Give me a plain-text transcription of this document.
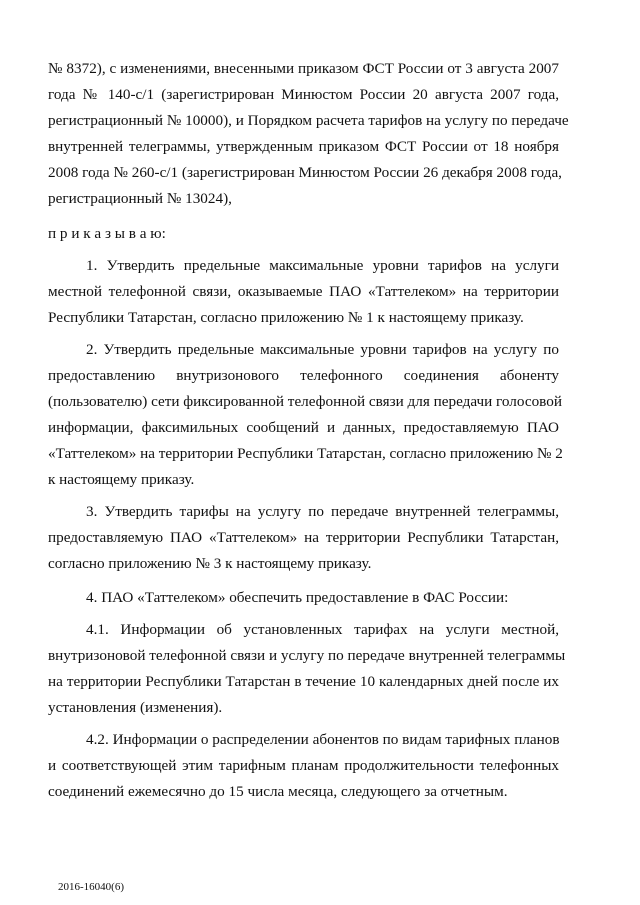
№ 8372), с изменениями, внесенными приказом ФСТ России от 3 августа 2007
года № 140-с/1 (зарегистрирован Минюстом России 20 августа 2007 года,
регистрационный № 10000), и Порядком расчета тарифов на услугу по передаче
внутренней телеграммы, утвержденным приказом ФСТ России от 18 ноября
2008 года № 260-с/1 (зарегистрирован Минюстом России 26 декабря 2008 года,
регистрационный № 13024),
п р и к а з ы в а ю:
1. Утвердить предельные максимальные уровни тарифов на услуги
местной телефонной связи, оказываемые ПАО «Таттелеком» на территории
Республики Татарстан, согласно приложению № 1 к настоящему приказу.
2. Утвердить предельные максимальные уровни тарифов на услугу по
предоставлению внутризонового телефонного соединения абоненту
(пользователю) сети фиксированной телефонной связи для передачи голосовой
информации, факсимильных сообщений и данных, предоставляемую ПАО
«Таттелеком» на территории Республики Татарстан, согласно приложению № 2
к настоящему приказу.
3. Утвердить тарифы на услугу по передаче внутренней телеграммы,
предоставляемую ПАО «Таттелеком» на территории Республики Татарстан,
согласно приложению № 3 к настоящему приказу.
4. ПАО «Таттелеком» обеспечить предоставление в ФАС России:
4.1. Информации об установленных тарифах на услуги местной,
внутризоновой телефонной связи и услугу по передаче внутренней телеграммы
на территории Республики Татарстан в течение 10 календарных дней после их
установления (изменения).
4.2. Информации о распределении абонентов по видам тарифных планов
и соответствующей этим тарифным планам продолжительности телефонных
соединений ежемесячно до 15 числа месяца, следующего за отчетным.
2016-16040(6)
